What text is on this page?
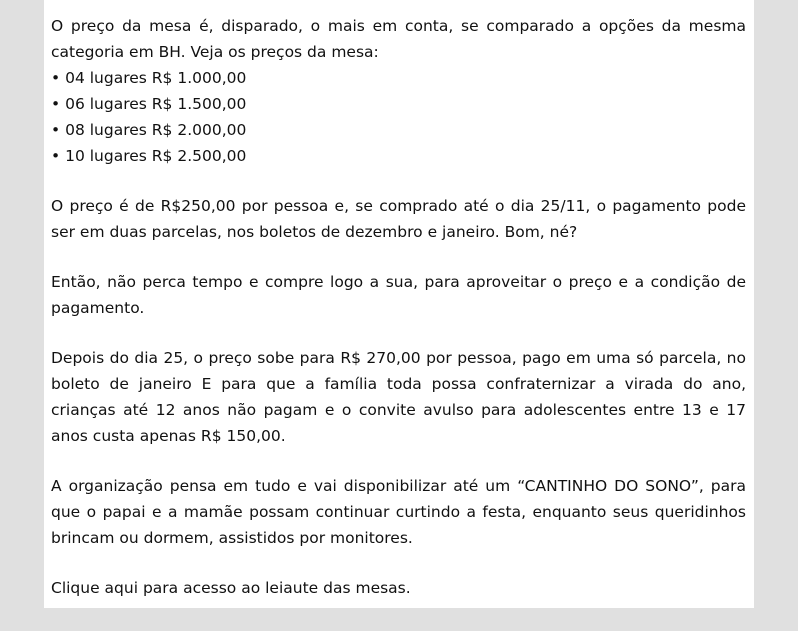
O preço da mesa é, disparado, o mais em conta, se comparado a opções da mesma categoria em BH. Veja os preços da mesa:

• 04 lugares R$ 1.000,00
• 06 lugares R$ 1.500,00
• 08 lugares R$ 2.000,00
• 10 lugares R$ 2.500,00

O preço é de R$250,00 por pessoa e, se comprado até o dia 25/11, o pagamento pode ser em duas parcelas, nos boletos de dezembro e janeiro. Bom, né?

Então, não perca tempo e compre logo a sua, para aproveitar o preço e a condição de pagamento.

Depois do dia 25, o preço sobe para R$ 270,00 por pessoa, pago em uma só parcela, no boleto de janeiro E para que a família toda possa confraternizar a virada do ano, crianças até 12 anos não pagam e o convite avulso para adolescentes entre 13 e 17 anos custa apenas R$ 150,00.

A organização pensa em tudo e vai disponibilizar até um “CANTINHO DO SONO”, para que o papai e a mamãe possam continuar curtindo a festa, enquanto seus queridinhos brincam ou dormem, assistidos por monitores.

Clique aqui para acesso ao leiaute das mesas.
